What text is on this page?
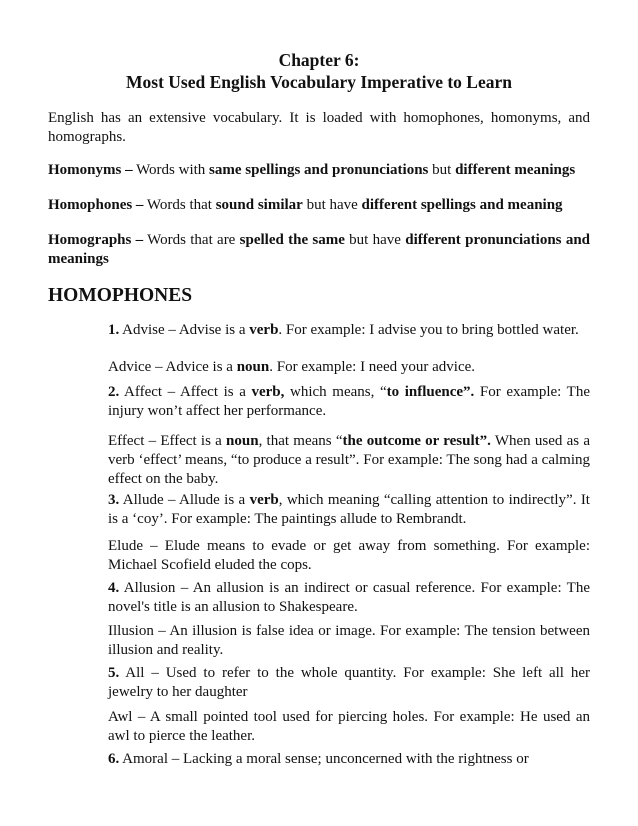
Chapter 6:
Most Used English Vocabulary Imperative to Learn
English has an extensive vocabulary. It is loaded with homophones, homonyms, and homographs.
Homonyms – Words with same spellings and pronunciations but different meanings
Homophones – Words that sound similar but have different spellings and meaning
Homographs – Words that are spelled the same but have different pronunciations and meanings
HOMOPHONES
1. Advise – Advise is a verb. For example: I advise you to bring bottled water.
Advice – Advice is a noun. For example: I need your advice.
2. Affect – Affect is a verb, which means, “to influence”. For example: The injury won’t affect her performance.
Effect – Effect is a noun, that means “the outcome or result”. When used as a verb ‘effect’ means, “to produce a result”. For example: The song had a calming effect on the baby.
3. Allude – Allude is a verb, which meaning “calling attention to indirectly”. It is a ‘coy’. For example: The paintings allude to Rembrandt.
Elude – Elude means to evade or get away from something. For example: Michael Scofield eluded the cops.
4. Allusion – An allusion is an indirect or casual reference. For example: The novel's title is an allusion to Shakespeare.
Illusion – An illusion is false idea or image. For example: The tension between illusion and reality.
5. All – Used to refer to the whole quantity. For example: She left all her jewelry to her daughter
Awl – A small pointed tool used for piercing holes. For example: He used an awl to pierce the leather.
6. Amoral – Lacking a moral sense; unconcerned with the rightness or
